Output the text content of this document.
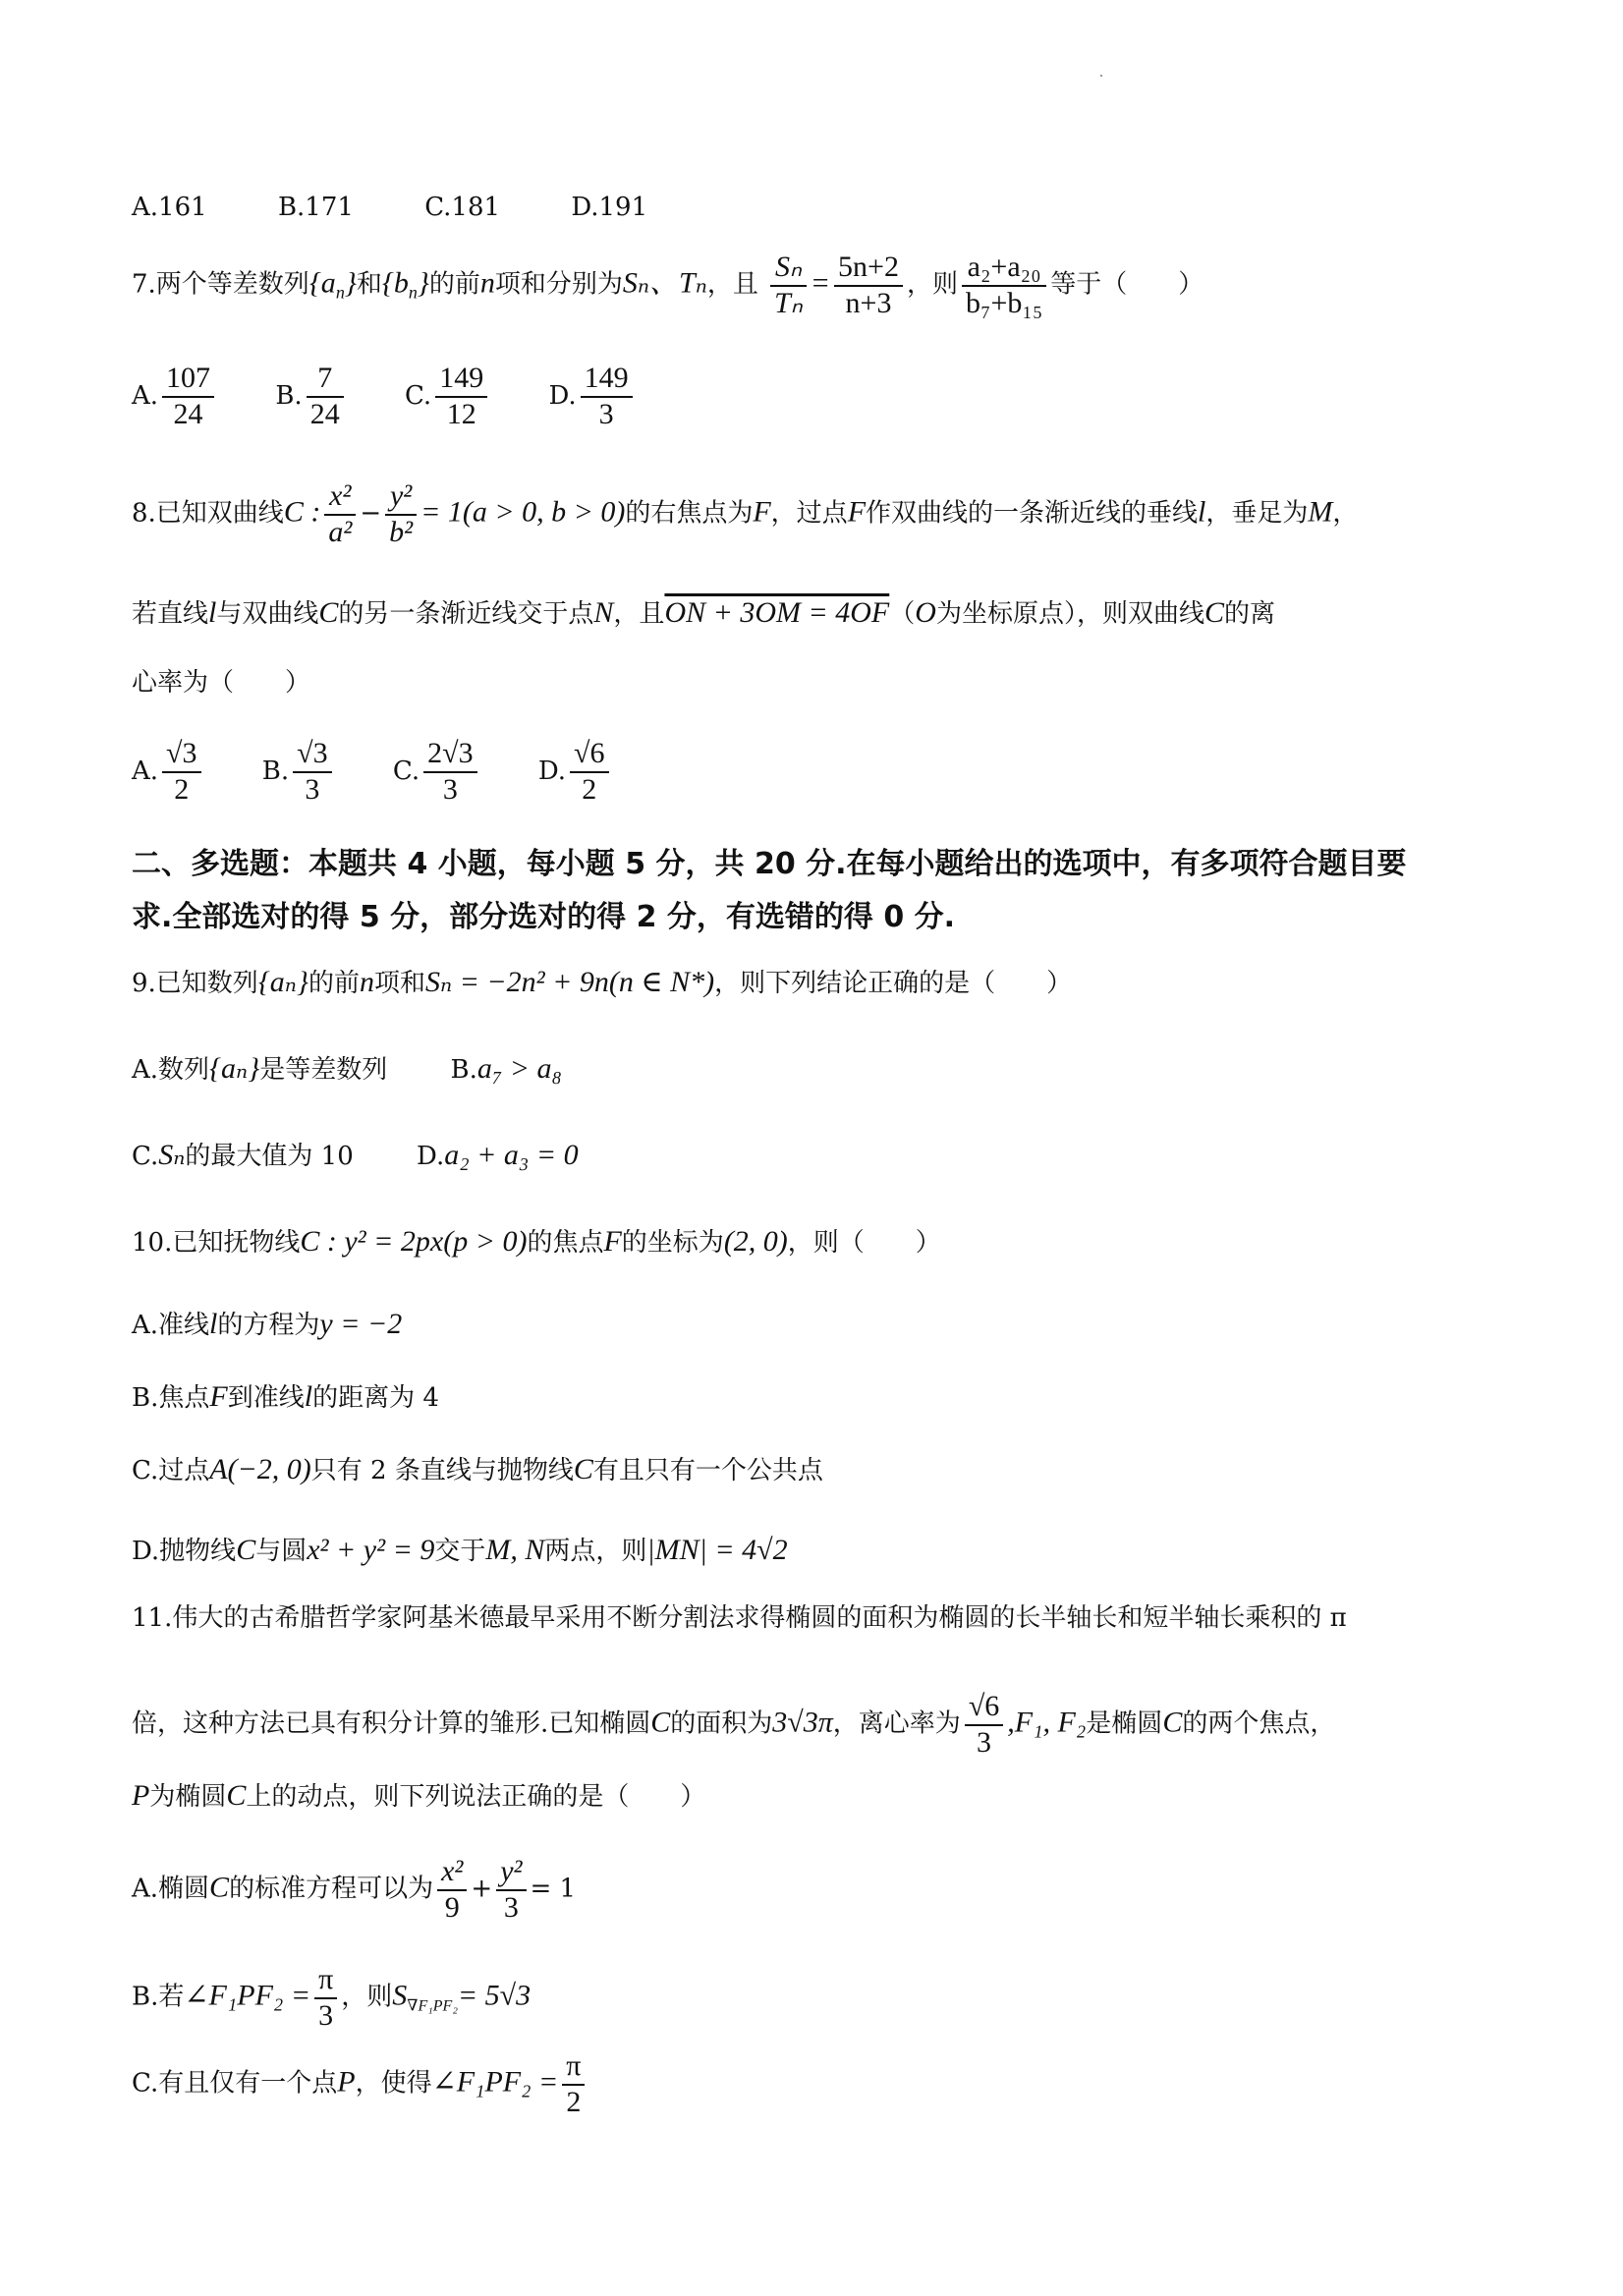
A.161	B.171	C.181	D.191
7.两个等差数列$\{a_n\}$和$\{b_n\}$的前n项和分别为Sₙ、Tₙ，且 $\frac{\text{Sₙ}}{\text{Tₙ}} = \frac{5n+2}{n+3}$ ，则 $\frac{\text{a₂+a₂₀}}{\text{b₇+b₁₅}}$ 等于（　　）
A. $\frac{107}{24} B$. $\frac{7}{24} C$. $\frac{149}{12} D$. $\frac{149}{3}$
8.已知双曲线C : $\frac{\text{x²}}{\text{a²}} - \frac{\text{y²}}{\text{b²}} = 1(a > 0$, b > 0)的右焦点为F，过点F作双曲线的一条渐近线的垂线l，垂足为M，
若直线l与双曲线C的另一条渐近线交于点N，且ON + 3OM = 4OF（O为坐标原点），则双曲线C的离
心率为（　　）
A. $\frac{√3}{2} B$. $\frac{√3}{3} C$. $\frac{2√3}{3} D$. $\frac{√6}{2}$
二、多选题：本题共 4 小题，每小题 5 分，共 20 分.在每小题给出的选项中，有多项符合题目要
求.全部选对的得 5 分，部分选对的得 2 分，有选错的得 0 分.
9.已知数列{aₙ}的前n项和Sₙ = −2n² + 9n(n ∈ N*)，则下列结论正确的是（　　）
A.数列{aₙ}是等差数列 B.a₇ > a₈
C.Sₙ的最大值为 10 D.a₂ + a₃ = 0
10.已知抚物线C : y² = 2px(p > 0)的焦点F的坐标为(2, 0)，则（　　）
A.准线l的方程为y = −2
B.焦点F到准线l的距离为 4
C.过点A(−2, 0)只有 2 条直线与抛物线C有且只有一个公共点
D.抛物线C与圆x² + y² = 9交于M, N两点，则|MN| = 4√2
11.伟大的古希腊哲学家阿基米德最早采用不断分割法求得椭圆的面积为椭圆的长半轴长和短半轴长乘积的 π
倍，这种方法已具有积分计算的雏形.已知椭圆C的面积为3√3π，离心率为 $\frac{√6}{3} ,F_1$, F₂是椭圆C的两个焦点，
P为椭圆C上的动点，则下列说法正确的是（　　）
A.椭圆C的标准方程可以为 $\frac{\text{x²}}{9} + \frac{\text{y²}}{3} = 1$
B.若∠F₁PF₂ = $\frac{\pi}{3}$ ，则$S_{\nabla F_1PF_2}= 5√3$
C.有且仅有一个点P，使得∠F₁PF₂ = $\frac{\pi}{2}$
